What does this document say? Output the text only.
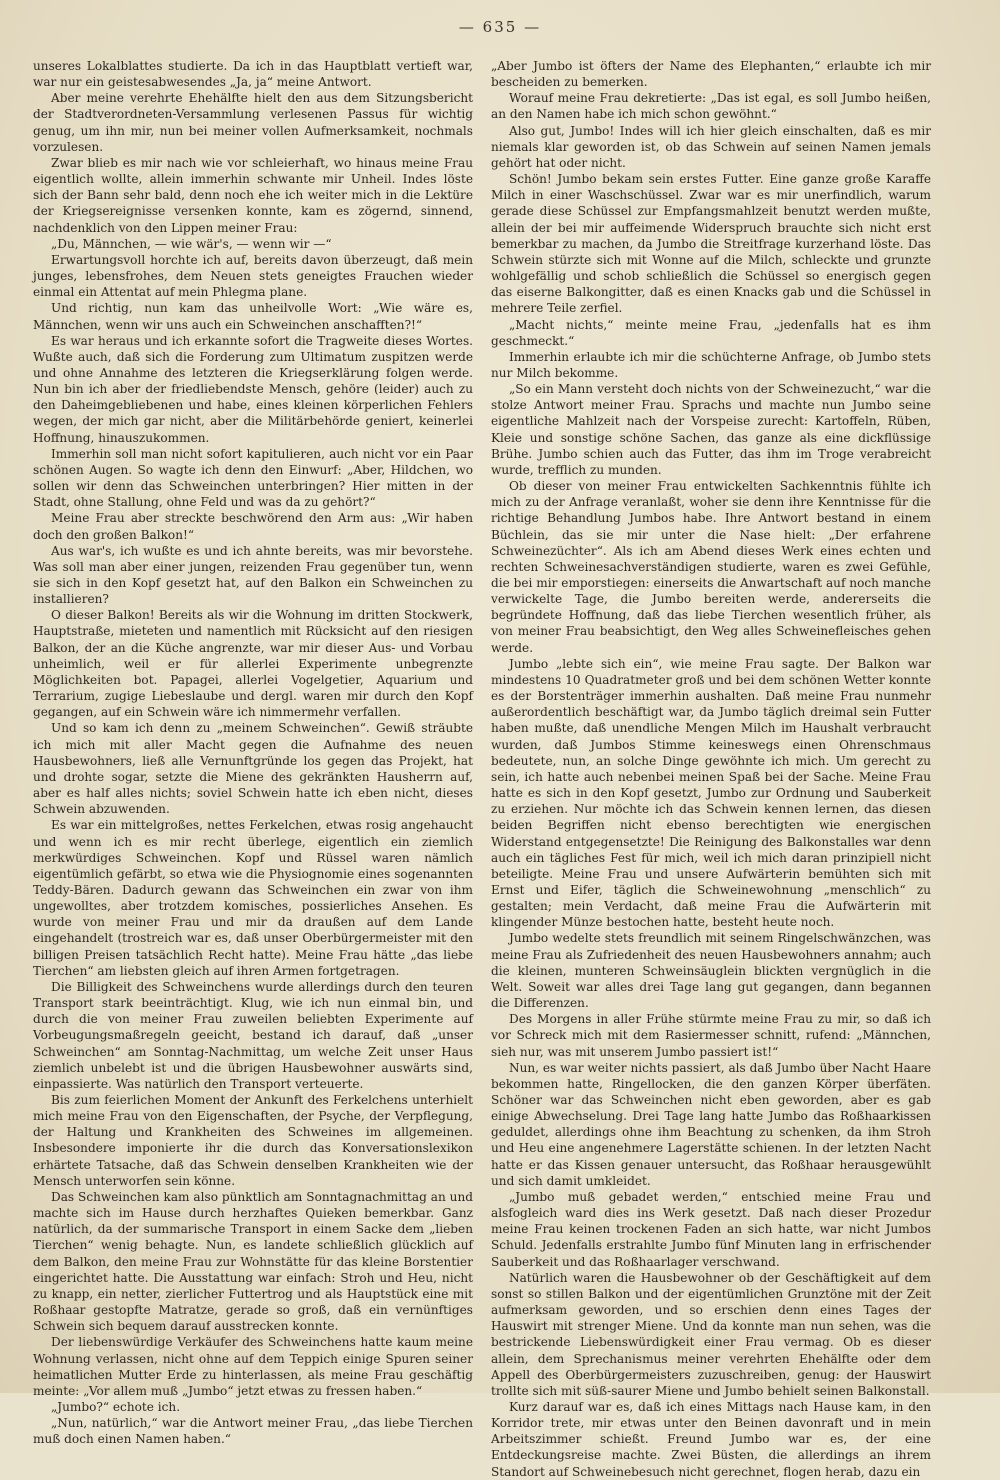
— 635 —

unseres Lokalblattes studierte. Da ich in das Hauptblatt vertieft war, war nur ein geistesabwesendes „Ja, ja“ meine Antwort.

Aber meine verehrte Ehehälfte hielt den aus dem Sitzungsbericht der Stadtverordneten-Versammlung verlesenen Passus für wichtig genug, um ihn mir, nun bei meiner vollen Aufmerksamkeit, nochmals vorzulesen.

Zwar blieb es mir nach wie vor schleierhaft, wo hinaus meine Frau eigentlich wollte, allein immerhin schwante mir Unheil. Indes löste sich der Bann sehr bald, denn noch ehe ich weiter mich in die Lektüre der Kriegsereignisse versenken konnte, kam es zögernd, sinnend, nachdenklich von den Lippen meiner Frau:

„Du, Männchen, — wie wär's, — wenn wir —“

Erwartungsvoll horchte ich auf, bereits davon überzeugt, daß mein junges, lebensfrohes, dem Neuen stets geneigtes Frauchen wieder einmal ein Attentat auf mein Phlegma plane.

Und richtig, nun kam das unheilvolle Wort: „Wie wäre es, Männchen, wenn wir uns auch ein Schweinchen anschafften?!“

Es war heraus und ich erkannte sofort die Tragweite dieses Wortes. Wußte auch, daß sich die Forderung zum Ultimatum zuspitzen werde und ohne Annahme des letzteren die Kriegserklärung folgen werde. Nun bin ich aber der friedliebendste Mensch, gehöre (leider) auch zu den Daheimgebliebenen und habe, eines kleinen körperlichen Fehlers wegen, der mich gar nicht, aber die Militärbehörde geniert, keinerlei Hoffnung, hinauszukommen.

Immerhin soll man nicht sofort kapitulieren, auch nicht vor ein Paar schönen Augen. So wagte ich denn den Einwurf: „Aber, Hildchen, wo sollen wir denn das Schweinchen unterbringen? Hier mitten in der Stadt, ohne Stallung, ohne Feld und was da zu gehört?“

Meine Frau aber streckte beschwörend den Arm aus: „Wir haben doch den großen Balkon!“

Aus war's, ich wußte es und ich ahnte bereits, was mir bevorstehe. Was soll man aber einer jungen, reizenden Frau gegenüber tun, wenn sie sich in den Kopf gesetzt hat, auf den Balkon ein Schweinchen zu installieren?

O dieser Balkon! Bereits als wir die Wohnung im dritten Stockwerk, Hauptstraße, mieteten und namentlich mit Rücksicht auf den riesigen Balkon, der an die Küche angrenzte, war mir dieser Aus- und Vorbau unheimlich, weil er für allerlei Experimente unbegrenzte Möglichkeiten bot. Papagei, allerlei Vogelgetier, Aquarium und Terrarium, zugige Liebeslaube und dergl. waren mir durch den Kopf gegangen, auf ein Schwein wäre ich nimmermehr verfallen.

Und so kam ich denn zu „meinem Schweinchen“. Gewiß sträubte ich mich mit aller Macht gegen die Aufnahme des neuen Hausbewohners, ließ alle Vernunftgründe los gegen das Projekt, hat und drohte sogar, setzte die Miene des gekränkten Hausherrn auf, aber es half alles nichts; soviel Schwein hatte ich eben nicht, dieses Schwein abzuwenden.

Es war ein mittelgroßes, nettes Ferkelchen, etwas rosig angehaucht und wenn ich es mir recht überlege, eigentlich ein ziemlich merkwürdiges Schweinchen. Kopf und Rüssel waren nämlich eigentümlich gefärbt, so etwa wie die Physiognomie eines sogenannten Teddy-Bären. Dadurch gewann das Schweinchen ein zwar von ihm ungewolltes, aber trotzdem komisches, possierliches Ansehen. Es wurde von meiner Frau und mir da draußen auf dem Lande eingehandelt (trostreich war es, daß unser Oberbürgermeister mit den billigen Preisen tatsächlich Recht hatte). Meine Frau hätte „das liebe Tierchen“ am liebsten gleich auf ihren Armen fortgetragen.

Die Billigkeit des Schweinchens wurde allerdings durch den teuren Transport stark beeinträchtigt. Klug, wie ich nun einmal bin, und durch die von meiner Frau zuweilen beliebten Experimente auf Vorbeugungsmaßregeln geeicht, bestand ich darauf, daß „unser Schweinchen“ am Sonntag-Nachmittag, um welche Zeit unser Haus ziemlich unbelebt ist und die übrigen Hausbewohner auswärts sind, einpassierte. Was natürlich den Transport verteuerte.

Bis zum feierlichen Moment der Ankunft des Ferkelchens unterhielt mich meine Frau von den Eigenschaften, der Psyche, der Verpflegung, der Haltung und Krankheiten des Schweines im allgemeinen. Insbesondere imponierte ihr die durch das Konversationslexikon erhärtete Tatsache, daß das Schwein denselben Krankheiten wie der Mensch unterworfen sein könne.

Das Schweinchen kam also pünktlich am Sonntagnachmittag an und machte sich im Hause durch herzhaftes Quieken bemerkbar. Ganz natürlich, da der summarische Transport in einem Sacke dem „lieben Tierchen“ wenig behagte. Nun, es landete schließlich glücklich auf dem Balkon, den meine Frau zur Wohnstätte für das kleine Borstentier eingerichtet hatte. Die Ausstattung war einfach: Stroh und Heu, nicht zu knapp, ein netter, zierlicher Futtertrog und als Hauptstück eine mit Roßhaar gestopfte Matratze, gerade so groß, daß ein vernünftiges Schwein sich bequem darauf ausstrecken konnte.

Der liebenswürdige Verkäufer des Schweinchens hatte kaum meine Wohnung verlassen, nicht ohne auf dem Teppich einige Spuren seiner heimatlichen Mutter Erde zu hinterlassen, als meine Frau geschäftig meinte: „Vor allem muß „Jumbo“ jetzt etwas zu fressen haben.“

„Jumbo?“ echote ich.

„Nun, natürlich,“ war die Antwort meiner Frau, „das liebe Tierchen muß doch einen Namen haben.“

„Aber Jumbo ist öfters der Name des Elephanten,“ erlaubte ich mir bescheiden zu bemerken.

Worauf meine Frau dekretierte: „Das ist egal, es soll Jumbo heißen, an den Namen habe ich mich schon gewöhnt.“

Also gut, Jumbo! Indes will ich hier gleich einschalten, daß es mir niemals klar geworden ist, ob das Schwein auf seinen Namen jemals gehört hat oder nicht.

Schön! Jumbo bekam sein erstes Futter. Eine ganze große Karaffe Milch in einer Waschschüssel. Zwar war es mir unerfindlich, warum gerade diese Schüssel zur Empfangsmahlzeit benutzt werden mußte, allein der bei mir auffeimende Widerspruch brauchte sich nicht erst bemerkbar zu machen, da Jumbo die Streitfrage kurzerhand löste. Das Schwein stürzte sich mit Wonne auf die Milch, schleckte und grunzte wohlgefällig und schob schließlich die Schüssel so energisch gegen das eiserne Balkongitter, daß es einen Knacks gab und die Schüssel in mehrere Teile zerfiel.

„Macht nichts,“ meinte meine Frau, „jedenfalls hat es ihm geschmeckt.“

Immerhin erlaubte ich mir die schüchterne Anfrage, ob Jumbo stets nur Milch bekomme.

„So ein Mann versteht doch nichts von der Schweinezucht,“ war die stolze Antwort meiner Frau. Sprachs und machte nun Jumbo seine eigentliche Mahlzeit nach der Vorspeise zurecht: Kartoffeln, Rüben, Kleie und sonstige schöne Sachen, das ganze als eine dickflüssige Brühe. Jumbo schien auch das Futter, das ihm im Troge verabreicht wurde, trefflich zu munden.

Ob dieser von meiner Frau entwickelten Sachkenntnis fühlte ich mich zu der Anfrage veranlaßt, woher sie denn ihre Kenntnisse für die richtige Behandlung Jumbos habe. Ihre Antwort bestand in einem Büchlein, das sie mir unter die Nase hielt: „Der erfahrene Schweinezüchter“. Als ich am Abend dieses Werk eines echten und rechten Schweinesachverständigen studierte, waren es zwei Gefühle, die bei mir emporstiegen: einerseits die Anwartschaft auf noch manche verwickelte Tage, die Jumbo bereiten werde, andererseits die begründete Hoffnung, daß das liebe Tierchen wesentlich früher, als von meiner Frau beabsichtigt, den Weg alles Schweinefleisches gehen werde.

Jumbo „lebte sich ein“, wie meine Frau sagte. Der Balkon war mindestens 10 Quadratmeter groß und bei dem schönen Wetter konnte es der Borstenträger immerhin aushalten. Daß meine Frau nunmehr außerordentlich beschäftigt war, da Jumbo täglich dreimal sein Futter haben mußte, daß unendliche Mengen Milch im Haushalt verbraucht wurden, daß Jumbos Stimme keineswegs einen Ohrenschmaus bedeutete, nun, an solche Dinge gewöhnte ich mich. Um gerecht zu sein, ich hatte auch nebenbei meinen Spaß bei der Sache. Meine Frau hatte es sich in den Kopf gesetzt, Jumbo zur Ordnung und Sauberkeit zu erziehen. Nur möchte ich das Schwein kennen lernen, das diesen beiden Begriffen nicht ebenso berechtigten wie energischen Widerstand entgegensetzte! Die Reinigung des Balkonstalles war denn auch ein tägliches Fest für mich, weil ich mich daran prinzipiell nicht beteiligte. Meine Frau und unsere Aufwärterin bemühten sich mit Ernst und Eifer, täglich die Schweinewohnung „menschlich“ zu gestalten; mein Verdacht, daß meine Frau die Aufwärterin mit klingender Münze bestochen hatte, besteht heute noch.

Jumbo wedelte stets freundlich mit seinem Ringelschwänzchen, was meine Frau als Zufriedenheit des neuen Hausbewohners annahm; auch die kleinen, munteren Schweinsäuglein blickten vergnüglich in die Welt. Soweit war alles drei Tage lang gut gegangen, dann begannen die Differenzen.

Des Morgens in aller Frühe stürmte meine Frau zu mir, so daß ich vor Schreck mich mit dem Rasiermesser schnitt, rufend: „Männchen, sieh nur, was mit unserem Jumbo passiert ist!“

Nun, es war weiter nichts passiert, als daß Jumbo über Nacht Haare bekommen hatte, Ringellocken, die den ganzen Körper überfäten. Schöner war das Schweinchen nicht eben geworden, aber es gab einige Abwechselung. Drei Tage lang hatte Jumbo das Roßhaarkissen geduldet, allerdings ohne ihm Beachtung zu schenken, da ihm Stroh und Heu eine angenehmere Lagerstätte schienen. In der letzten Nacht hatte er das Kissen genauer untersucht, das Roßhaar herausgewühlt und sich damit umkleidet.

„Jumbo muß gebadet werden,“ entschied meine Frau und alsfogleich ward dies ins Werk gesetzt. Daß nach dieser Prozedur meine Frau keinen trockenen Faden an sich hatte, war nicht Jumbos Schuld. Jedenfalls erstrahlte Jumbo fünf Minuten lang in erfrischender Sauberkeit und das Roßhaarlager verschwand.

Natürlich waren die Hausbewohner ob der Geschäftigkeit auf dem sonst so stillen Balkon und der eigentümlichen Grunztöne mit der Zeit aufmerksam geworden, und so erschien denn eines Tages der Hauswirt mit strenger Miene. Und da konnte man nun sehen, was die bestrickende Liebenswürdigkeit einer Frau vermag. Ob es dieser allein, dem Sprechanismus meiner verehrten Ehehälfte oder dem Appell des Oberbürgermeisters zuzuschreiben, genug: der Hauswirt trollte sich mit süß-saurer Miene und Jumbo behielt seinen Balkonstall.

Kurz darauf war es, daß ich eines Mittags nach Hause kam, in den Korridor trete, mir etwas unter den Beinen davonraft und in mein Arbeitszimmer schießt. Freund Jumbo war es, der eine Entdeckungsreise machte. Zwei Büsten, die allerdings an ihrem Standort auf Schweinebesuch nicht gerechnet, flogen herab, dazu ein
